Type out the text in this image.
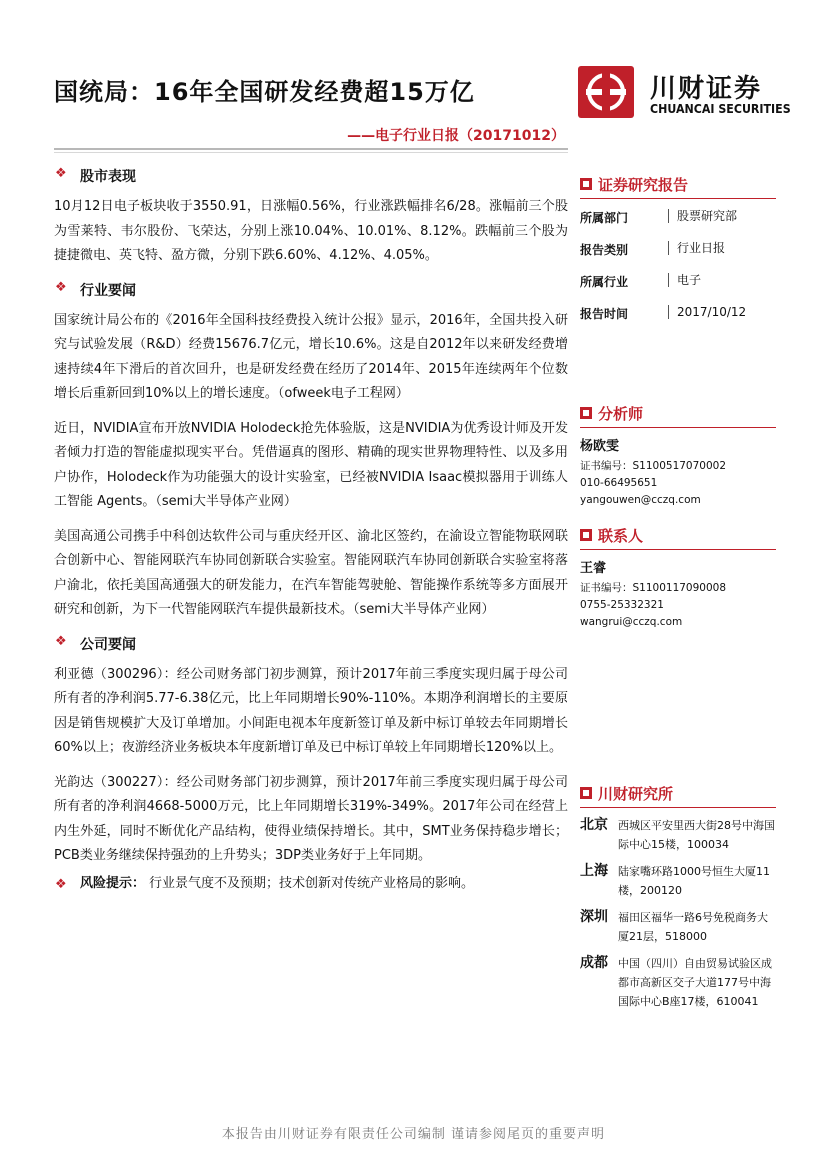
国统局：16年全国研发经费超15万亿	川财证券
CHUANCAI SECURITIES
——电子行业日报（20171012）
❖
股市表现

10月12日电子板块收于3550.91，日涨幅0.56%，行业涨跌幅排名6/28。涨幅前三个股为雪莱特、韦尔股份、飞荣达，分别上涨10.04%、10.01%、8.12%。跌幅前三个股为捷捷微电、英飞特、盈方微，分别下跌6.60%、4.12%、4.05%。

❖
行业要闻

国家统计局公布的《2016年全国科技经费投入统计公报》显示，2016年，全国共投入研究与试验发展（R&D）经费15676.7亿元，增长10.6%。这是自2012年以来研发经费增速持续4年下滑后的首次回升，也是研发经费在经历了2014年、2015年连续两年个位数增长后重新回到10%以上的增长速度。（ofweek电子工程网）

近日，NVIDIA宣布开放NVIDIA Holodeck抢先体验版，这是NVIDIA为优秀设计师及开发者倾力打造的智能虚拟现实平台。凭借逼真的图形、精确的现实世界物理特性、以及多用户协作，Holodeck作为功能强大的设计实验室，已经被NVIDIA Isaac模拟器用于训练人工智能 Agents。（semi大半导体产业网）

美国高通公司携手中科创达软件公司与重庆经开区、渝北区签约，在渝设立智能物联网联合创新中心、智能网联汽车协同创新联合实验室。智能网联汽车协同创新联合实验室将落户渝北，依托美国高通强大的研发能力，在汽车智能驾驶舱、智能操作系统等多方面展开研究和创新，为下一代智能网联汽车提供最新技术。（semi大半导体产业网）

❖
公司要闻

利亚德（300296）：经公司财务部门初步测算，预计2017年前三季度实现归属于母公司所有者的净利润5.77-6.38亿元，比上年同期增长90%-110%。本期净利润增长的主要原因是销售规模扩大及订单增加。小间距电视本年度新签订单及新中标订单较去年同期增长60%以上；夜游经济业务板块本年度新增订单及已中标订单较上年同期增长120%以上。

光韵达（300227）：经公司财务部门初步测算，预计2017年前三季度实现归属于母公司所有者的净利润4668-5000万元，比上年同期增长319%-349%。2017年公司在经营上内生外延，同时不断优化产品结构，使得业绩保持增长。其中，SMT业务保持稳步增长；PCB类业务继续保持强劲的上升势头；3DP类业务好于上年同期。

❖
风险提示： 行业景气度不及预期；技术创新对传统产业格局的影响。
证券研究报告
所属部门	股票研究部
报告类别	行业日报
所属行业	电子
报告时间	2017/10/12
分析师
杨欧雯
证书编号：S1100517070002
010-66495651
yangouwen@cczq.com
联系人
王睿
证书编号：S1100117090008
0755-25332321
wangrui@cczq.com
川财研究所
北京 西城区平安里西大街28号中海国际中心15楼，100034
上海 陆家嘴环路1000号恒生大厦11楼，200120
深圳 福田区福华一路6号免税商务大厦21层，518000
成都 中国（四川）自由贸易试验区成都市高新区交子大道177号中海国际中心B座17楼，610041
本报告由川财证券有限责任公司编制 谨请参阅尾页的重要声明
